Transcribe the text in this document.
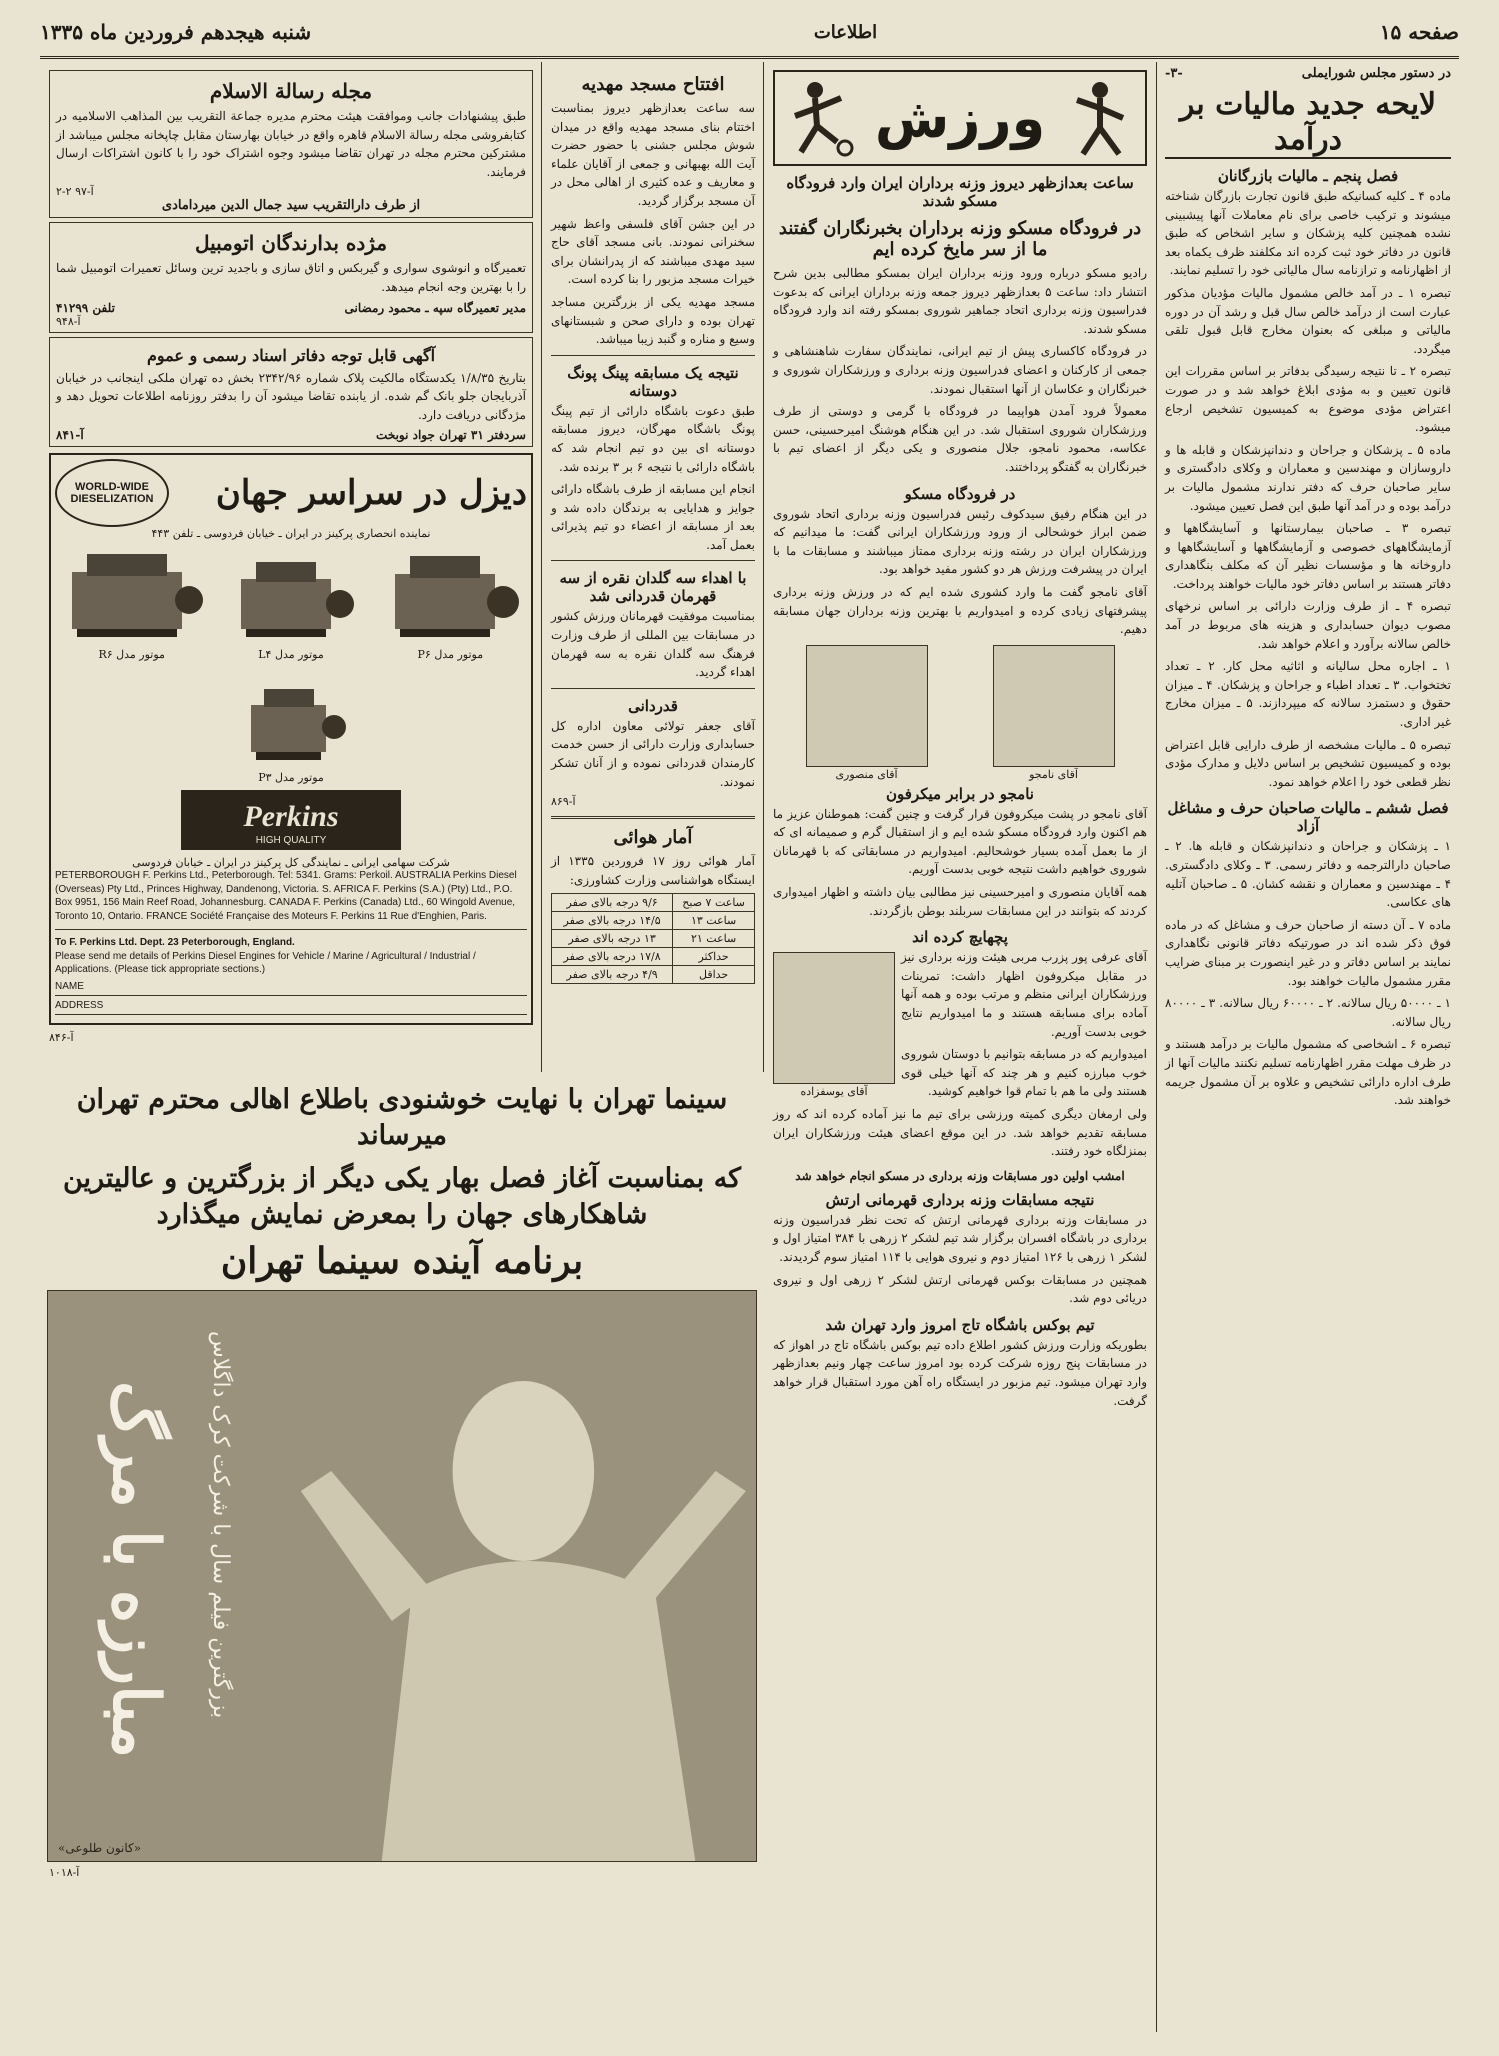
صفحه ۱۵
اطلاعات
شنبه هیجدهم فروردین ماه ۱۳۳۵
در دستور مجلس شورایملی
-۳-
لایحه جدید مالیات بر درآمد
فصل پنجم ـ مالیات بازرگانان

ماده ۴ ـ کلیه کسانیکه طبق قانون تجارت بازرگان شناخته میشوند و ترکیب خاصی برای نام معاملات آنها پیشبینی نشده همچنین کلیه پزشکان و سایر اشخاص که طبق قانون در دفاتر خود ثبت کرده اند مکلفند ظرف یکماه بعد از اظهارنامه و ترازنامه سال مالیاتی خود را تسلیم نمایند.

تبصره ۱ ـ در آمد خالص مشمول مالیات مؤدیان مذکور عبارت است از درآمد خالص سال قبل و رشد آن در دوره مالیاتی و مبلغی که بعنوان مخارج قابل قبول تلقی میگردد.

تبصره ۲ ـ تا نتیجه رسیدگی بدفاتر بر اساس مقررات این قانون تعیین و به مؤدی ابلاغ خواهد شد و در صورت اعتراض مؤدی موضوع به کمیسیون تشخیص ارجاع میشود.

ماده ۵ ـ پزشکان و جراحان و دندانپزشکان و قابله ها و داروسازان و مهندسین و معماران و وکلای دادگستری و سایر صاحبان حرف که دفتر ندارند مشمول مالیات بر درآمد بوده و در آمد آنها طبق این فصل تعیین میشود.

تبصره ۳ ـ صاحبان بیمارستانها و آسایشگاهها و آزمایشگاههای خصوصی و آزمایشگاهها و آسایشگاهها و داروخانه ها و مؤسسات نظیر آن که مکلف بنگاهداری دفاتر هستند بر اساس دفاتر خود مالیات خواهند پرداخت.

تبصره ۴ ـ از طرف وزارت دارائی بر اساس نرخهای مصوب دیوان حسابداری و هزینه های مربوط در آمد خالص سالانه برآورد و اعلام خواهد شد.

۱ ـ اجاره محل سالیانه و اثاثیه محل کار. ۲ ـ تعداد تختخواب. ۳ ـ تعداد اطباء و جراحان و پزشکان. ۴ ـ میزان حقوق و دستمزد سالانه که میپردازند. ۵ ـ میزان مخارج غیر اداری.

تبصره ۵ ـ مالیات مشخصه از طرف دارایی قابل اعتراض بوده و کمیسیون تشخیص بر اساس دلایل و مدارک مؤدی نظر قطعی خود را اعلام خواهد نمود.

فصل ششم ـ مالیات صاحبان حرف و مشاغل آزاد

۱ ـ پزشکان و جراحان و دندانپزشکان و قابله ها. ۲ ـ صاحبان دارالترجمه و دفاتر رسمی. ۳ ـ وکلای دادگستری. ۴ ـ مهندسین و معماران و نقشه کشان. ۵ ـ صاحبان آتلیه های عکاسی.

ماده ۷ ـ آن دسته از صاحبان حرف و مشاغل که در ماده فوق ذکر شده اند در صورتیکه دفاتر قانونی نگاهداری نمایند بر اساس دفاتر و در غیر اینصورت بر مبنای ضرایب مقرر مشمول مالیات خواهند بود.

۱ ـ ۵۰۰۰۰ ریال سالانه. ۲ ـ ۶۰۰۰۰ ریال سالانه. ۳ ـ ۸۰۰۰۰ ریال سالانه.

تبصره ۶ ـ اشخاصی که مشمول مالیات بر درآمد هستند و در ظرف مهلت مقرر اظهارنامه تسلیم نکنند مالیات آنها از طرف اداره دارائی تشخیص و علاوه بر آن مشمول جریمه خواهند شد.

ورزش
ساعت بعدازظهر دیروز وزنه برداران ایران وارد فرودگاه مسکو شدند
در فرودگاه مسکو وزنه برداران بخبرنگاران گفتند ما از سر مایخ کرده ایم

رادیو مسکو درباره ورود وزنه برداران ایران بمسکو مطالبی بدین شرح انتشار داد: ساعت ۵ بعدازظهر دیروز جمعه وزنه برداران ایرانی که بدعوت فدراسیون وزنه برداری اتحاد جماهیر شوروی بمسکو رفته اند وارد فرودگاه مسکو شدند.

در فرودگاه کاکساری پیش از تیم ایرانی، نمایندگان سفارت شاهنشاهی و جمعی از کارکنان و اعضای فدراسیون وزنه برداری و ورزشکاران شوروی و خبرنگاران و عکاسان از آنها استقبال نمودند.

معمولاً فرود آمدن هواپیما در فرودگاه با گرمی و دوستی از طرف ورزشکاران شوروی استقبال شد. در این هنگام هوشنگ امیرحسینی، حسن عکاسه، محمود نامجو، جلال منصوری و یکی دیگر از اعضای تیم با خبرنگاران به گفتگو پرداختند.

در فرودگاه مسکو

در این هنگام رفیق سیدکوف رئیس فدراسیون وزنه برداری اتحاد شوروی ضمن ابراز خوشحالی از ورود ورزشکاران ایرانی گفت: ما میدانیم که ورزشکاران ایران در رشته وزنه برداری ممتاز میباشند و مسابقات ما با ایران در پیشرفت ورزش هر دو کشور مفید خواهد بود.

آقای نامجو گفت ما وارد کشوری شده ایم که در ورزش وزنه برداری پیشرفتهای زیادی کرده و امیدواریم با بهترین وزنه برداران جهان مسابقه دهیم.

آقای نامجو
آقای منصوری
نامجو در برابر میکرفون

آقای نامجو در پشت میکروفون قرار گرفت و چنین گفت: هموطنان عزیز ما هم اکنون وارد فرودگاه مسکو شده ایم و از استقبال گرم و صمیمانه ای که از ما بعمل آمده بسیار خوشحالیم. امیدواریم در مسابقاتی که با قهرمانان شوروی خواهیم داشت نتیجه خوبی بدست آوریم.

همه آقایان منصوری و امیرحسینی نیز مطالبی بیان داشته و اظهار امیدواری کردند که بتوانند در این مسابقات سربلند بوطن بازگردند.

پچهایچ کرده اند
آقای یوسفزاده

آقای عرفی پور پزرب مربی هیئت وزنه برداری نیز در مقابل میکروفون اظهار داشت: تمرینات ورزشکاران ایرانی منظم و مرتب بوده و همه آنها آماده برای مسابقه هستند و ما امیدواریم نتایج خوبی بدست آوریم.

امیدواریم که در مسابقه بتوانیم با دوستان شوروی خوب مبارزه کنیم و هر چند که آنها خیلی قوی هستند ولی ما هم با تمام قوا خواهیم کوشید.

ولی ارمغان دیگری کمیته ورزشی برای تیم ما نیز آماده کرده اند که روز مسابقه تقدیم خواهد شد. در این موقع اعضای هیئت ورزشکاران ایران بمنزلگاه خود رفتند.

امشب اولین دور مسابقات وزنه برداری در مسکو انجام خواهد شد
نتیجه مسابقات وزنه برداری قهرمانی ارتش

در مسابقات وزنه برداری قهرمانی ارتش که تحت نظر فدراسیون وزنه برداری در باشگاه افسران برگزار شد تیم لشکر ۲ زرهی با ۳۸۴ امتیاز اول و لشکر ۱ زرهی با ۱۲۶ امتیاز دوم و نیروی هوایی با ۱۱۴ امتیاز سوم گردیدند.

همچنین در مسابقات بوکس قهرمانی ارتش لشکر ۲ زرهی اول و نیروی دریائی دوم شد.

تیم بوکس باشگاه تاج امروز وارد تهران شد

بطوریکه وزارت ورزش کشور اطلاع داده تیم بوکس باشگاه تاج در اهواز که در مسابقات پنج روزه شرکت کرده بود امروز ساعت چهار ونیم بعدازظهر وارد تهران میشود. تیم مزبور در ایستگاه راه آهن مورد استقبال قرار خواهد گرفت.

افتتاح مسجد مهدیه

سه ساعت بعدازظهر دیروز بمناسبت اختتام بنای مسجد مهدیه واقع در میدان شوش مجلس جشنی با حضور حضرت آیت الله بهبهانی و جمعی از آقایان علماء و معاریف و عده کثیری از اهالی محل در آن مسجد برگزار گردید.

در این جشن آقای فلسفی واعظ شهیر سخنرانی نمودند. بانی مسجد آقای حاج سید مهدی میباشند که از پدرانشان برای خیرات مسجد مزبور را بنا کرده است.

مسجد مهدیه یکی از بزرگترین مساجد تهران بوده و دارای صحن و شبستانهای وسیع و مناره و گنبد زیبا میباشد.

نتیجه یک مسابقه پینگ پونگ دوستانه

طبق دعوت باشگاه دارائی از تیم پینگ پونگ باشگاه مهرگان، دیروز مسابقه دوستانه ای بین دو تیم انجام شد که باشگاه دارائی با نتیجه ۶ بر ۳ برنده شد.

انجام این مسابقه از طرف باشگاه دارائی جوایز و هدایایی به برندگان داده شد و بعد از مسابقه از اعضاء دو تیم پذیرائی بعمل آمد.

با اهداء سه گلدان نقره از سه قهرمان قدردانی شد

بمناسبت موفقیت قهرمانان ورزش کشور در مسابقات بین المللی از طرف وزارت فرهنگ سه گلدان نقره به سه قهرمان اهداء گردید.

قدردانی

آقای جعفر تولائی معاون اداره کل حسابداری وزارت دارائی از حسن خدمت کارمندان قدردانی نموده و از آنان تشکر نمودند.

آ-۸۶۹
آمار هوائی

آمار هوائی روز ۱۷ فروردین ۱۳۳۵ از ایستگاه هواشناسی وزارت کشاورزی:

ساعت ۷ صبح	۹/۶ درجه بالای صفر
ساعت ۱۳	۱۴/۵ درجه بالای صفر
ساعت ۲۱	۱۳ درجه بالای صفر
حداکثر	۱۷/۸ درجه بالای صفر
حداقل	۴/۹ درجه بالای صفر
مجله رسالة الاسلام

طبق پیشنهادات جانب وموافقت هیئت محترم مدیره جماعة التقریب بین المذاهب الاسلامیه در کتابفروشی مجله رسالة الاسلام قاهره واقع در خیابان بهارستان مقابل چاپخانه مجلس میباشد از مشترکین محترم مجله در تهران تقاضا میشود وجوه اشتراک خود را با کانون اشتراکات ارسال فرمایند.

آ-۹۷ ۲-۲
از طرف دارالتقریب سید جمال الدین میردامادی
مژده بدارندگان اتومبیل

تعمیرگاه و انوشوی سواری و گیربکس و اتاق سازی و باجدید ترین وسائل تعمیرات اتومبیل شما را با بهترین وجه انجام میدهد.

مدیر تعمیرگاه سپه ـ محمود رمضانی
تلفن ۴۱۲۹۹
آ-۹۴۸
آگهی قابل توجه دفاتر اسناد رسمی و عموم

بتاریخ ۱/۸/۳۵ یکدستگاه مالکیت پلاک شماره ۲۳۴۲/۹۶ بخش ده تهران ملکی اینجانب در خیابان آذربایجان جلو بانک گم شده. از یابنده تقاضا میشود آن را بدفتر روزنامه اطلاعات تحویل دهد و مژدگانی دریافت دارد.

سردفتر ۳۱ تهران جواد نوبخت
آ-۸۴۱
دیزل در سراسر جهان
WORLD-WIDE DIESELIZATION
نماینده انحصاری پرکینز در ایران ـ خیابان فردوسی ـ تلفن ۴۴۳
موتور مدل P۶
موتور مدل L۴
موتور مدل R۶
موتور مدل P۳
Perkins
HIGH QUALITY
شرکت سهامی ایرانی ـ نمایندگی کل پرکینز در ایران ـ خیابان فردوسی
PETERBOROUGH F. Perkins Ltd., Peterborough. Tel: 5341. Grams: Perkoil. AUSTRALIA Perkins Diesel (Overseas) Pty Ltd., Princes Highway, Dandenong, Victoria. S. AFRICA F. Perkins (S.A.) (Pty) Ltd., P.O. Box 9951, 156 Main Reef Road, Johannesburg. CANADA F. Perkins (Canada) Ltd., 60 Wingold Avenue, Toronto 10, Ontario. FRANCE Société Française des Moteurs F. Perkins 11 Rue d'Enghien, Paris.
To F. Perkins Ltd. Dept. 23 Peterborough, England.
Please send me details of Perkins Diesel Engines for Vehicle / Marine / Agricultural / Industrial / Applications. (Please tick appropriate sections.)
NAME
ADDRESS
آ-۸۴۶
سینما تهران با نهایت خوشنودی باطلاع اهالی محترم تهران میرساند
که بمناسبت آغاز فصل بهار یکی دیگر از بزرگترین و عالیترین شاهکارهای جهان را بمعرض نمایش میگذارد
برنامه آینده سینما تهران
مبارزه با مرگ بزرگترین فیلم سال با شرکت کرک داگلاس
«کانون طلوعی»
آ-۱۰۱۸
